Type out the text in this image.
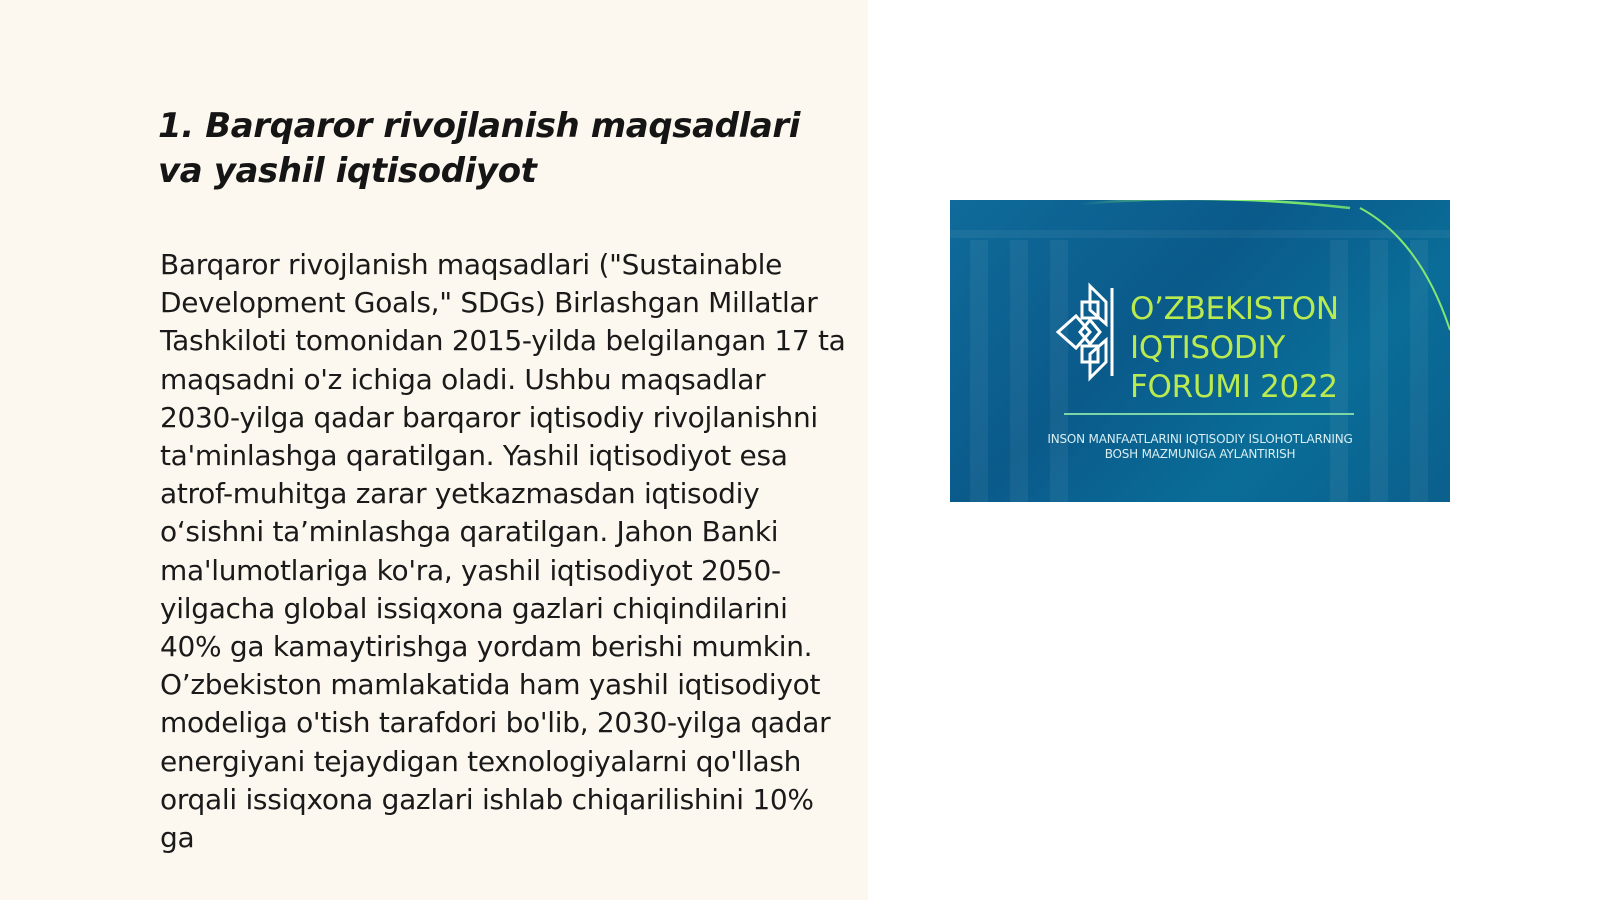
1. Barqaror rivojlanish maqsadlari va yashil iqtisodiyot

Barqaror rivojlanish maqsadlari ("Sustainable Development Goals," SDGs) Birlashgan Millatlar Tashkiloti tomonidan 2015-yilda belgilangan 17 ta maqsadni o'z ichiga oladi. Ushbu maqsadlar 2030-yilga qadar barqaror iqtisodiy rivojlanishni ta'minlashga qaratilgan. Yashil iqtisodiyot esa atrof-muhitga zarar yetkazmasdan iqtisodiy o‘sishni ta’minlashga qaratilgan. Jahon Banki ma'lumotlariga ko'ra, yashil iqtisodiyot 2050-yilgacha global issiqxona gazlari chiqindilarini 40% ga kamaytirishga yordam berishi mumkin. O’zbekiston mamlakatida ham yashil iqtisodiyot modeliga o'tish tarafdori bo'lib, 2030-yilga qadar energiyani tejaydigan texnologiyalarni qo'llash orqali issiqxona gazlari ishlab chiqarilishini 10% ga

O’ZBEKISTON
IQTISODIY
FORUMI 2022
INSON MANFAATLARINI IQTISODIY ISLOHOTLARNING
BOSH MAZMUNIGA AYLANTIRISH
